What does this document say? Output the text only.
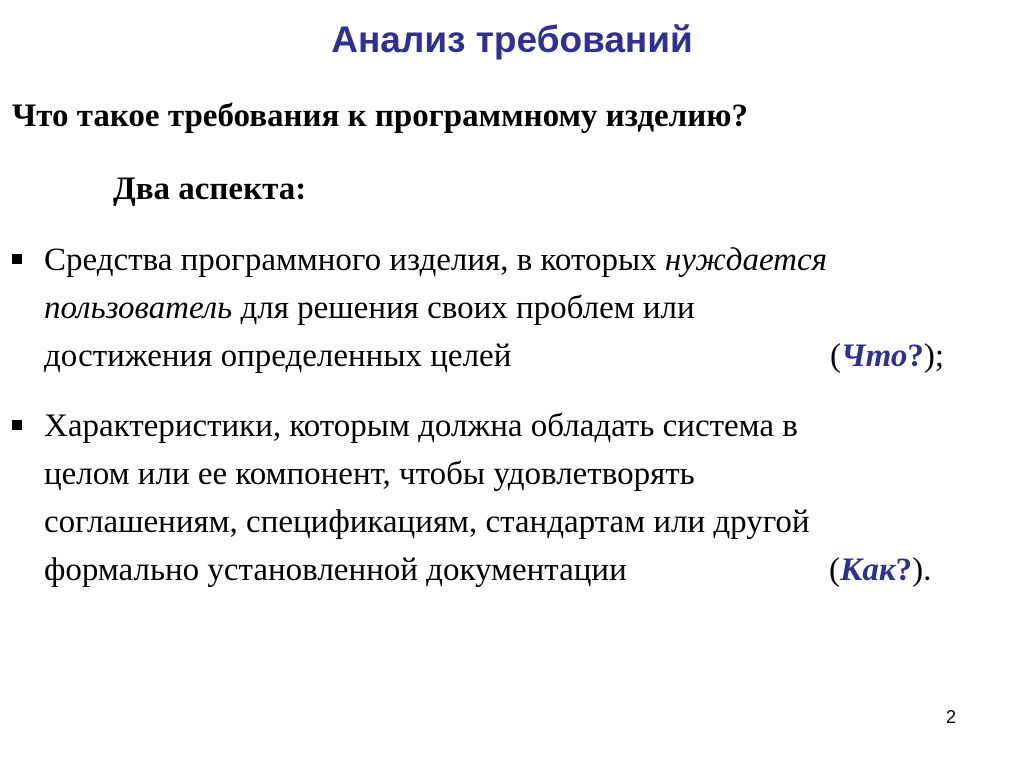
Анализ требований

Что такое требования к программному изделию?

Два аспекта:

Средства программного изделия, в которых нуждается
пользователь для решения своих проблем или
достижения определенных целей	(Что?);
Характеристики, которым должна обладать система в
целом или ее компонент, чтобы удовлетворять
соглашениям, спецификациям, стандартам или другой
формально установленной документации	(Как?).
2
